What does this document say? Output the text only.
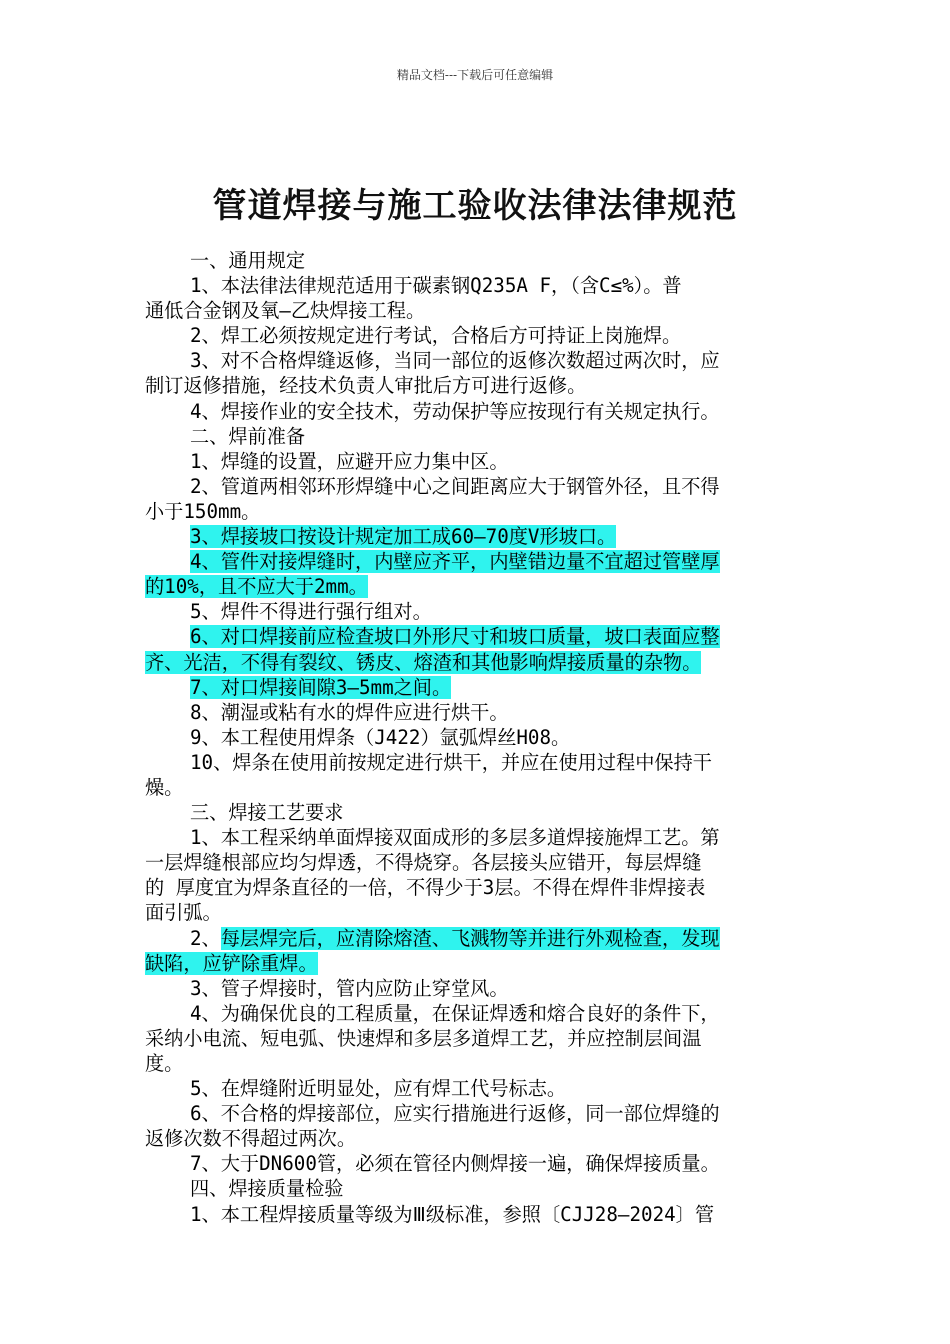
精品文档---下载后可任意编辑
管道焊接与施工验收法律法律规范

一、通用规定

1、本法律法律规范适用于碳素钢Q235A F，（含C≤%）。普

通低合金钢及氧—乙炔焊接工程。

2、焊工必须按规定进行考试，合格后方可持证上岗施焊。

3、对不合格焊缝返修，当同一部位的返修次数超过两次时，应

制订返修措施，经技术负责人审批后方可进行返修。

4、焊接作业的安全技术，劳动保护等应按现行有关规定执行。

二、焊前准备

1、焊缝的设置，应避开应力集中区。

2、管道两相邻环形焊缝中心之间距离应大于钢管外径，且不得

小于150mm。

3、焊接坡口按设计规定加工成60—70度V形坡口。

4、管件对接焊缝时，内壁应齐平，内壁错边量不宜超过管壁厚

的10%，且不应大于2mm。

5、焊件不得进行强行组对。

6、对口焊接前应检查坡口外形尺寸和坡口质量，坡口表面应整

齐、光洁，不得有裂纹、锈皮、熔渣和其他影响焊接质量的杂物。

7、对口焊接间隙3—5mm之间。

8、潮湿或粘有水的焊件应进行烘干。

9、本工程使用焊条（J422）氩弧焊丝H08。

10、焊条在使用前按规定进行烘干，并应在使用过程中保持干

燥。

三、焊接工艺要求

1、本工程采纳单面焊接双面成形的多层多道焊接施焊工艺。第

一层焊缝根部应均匀焊透，不得烧穿。各层接头应错开，每层焊缝

的 厚度宜为焊条直径的一倍，不得少于3层。不得在焊件非焊接表

面引弧。

2、每层焊完后，应清除熔渣、飞溅物等并进行外观检查，发现

缺陷，应铲除重焊。

3、管子焊接时，管内应防止穿堂风。

4、为确保优良的工程质量，在保证焊透和熔合良好的条件下，

采纳小电流、短电弧、快速焊和多层多道焊工艺，并应控制层间温

度。

5、在焊缝附近明显处，应有焊工代号标志。

6、不合格的焊接部位，应实行措施进行返修，同一部位焊缝的

返修次数不得超过两次。

7、大于DN600管，必须在管径内侧焊接一遍，确保焊接质量。

四、焊接质量检验

1、本工程焊接质量等级为Ⅲ级标准，参照〔CJJ28—2024〕管
